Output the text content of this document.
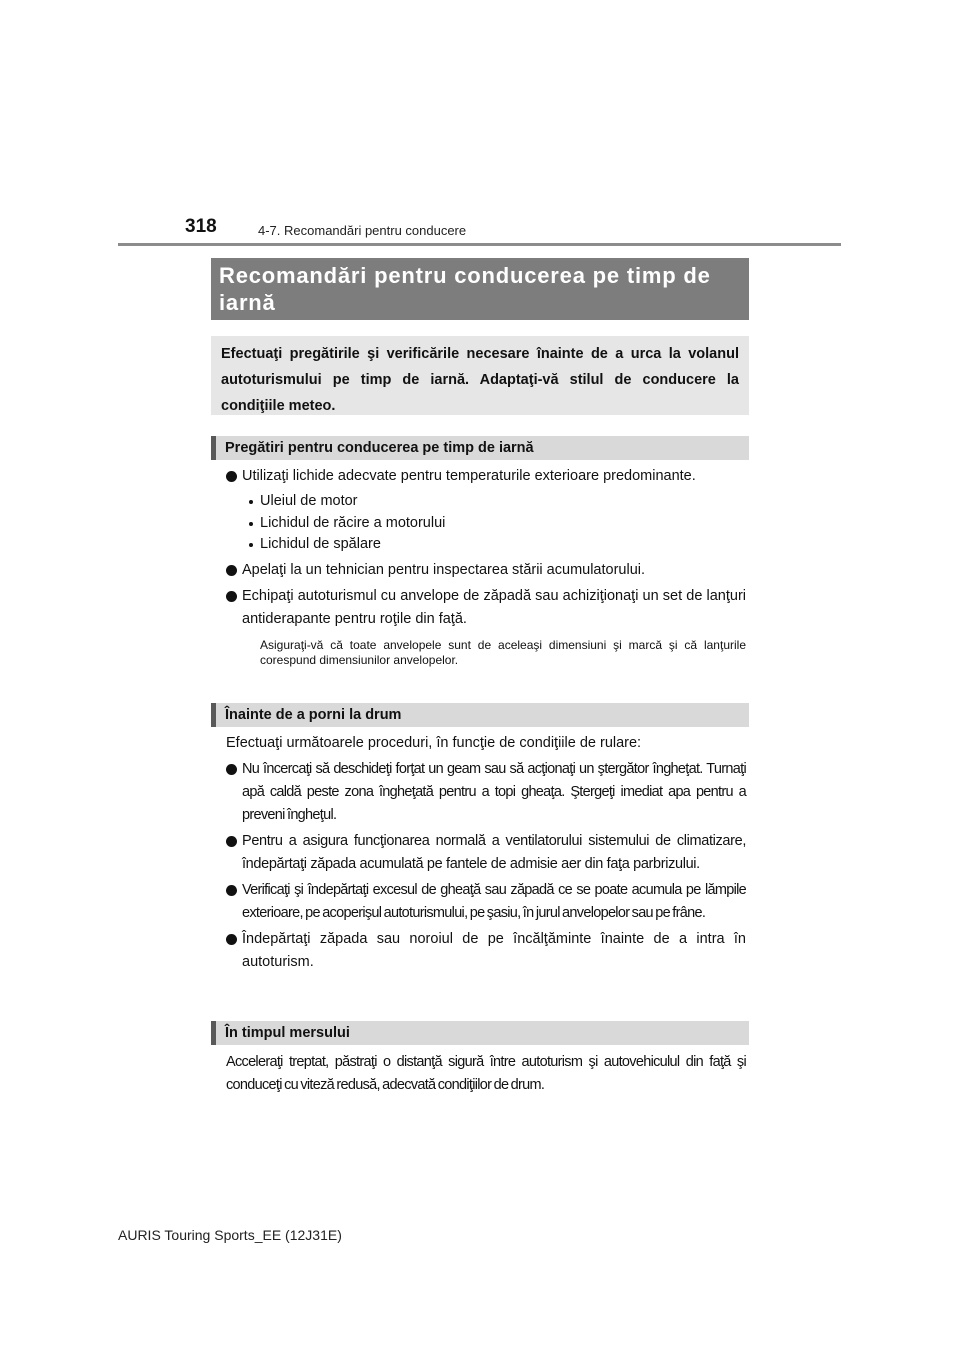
318	4-7. Recomandări pentru conducere
Recomandări pentru conducerea pe timp de iarnă
Efectuaţi pregătirile şi verificările necesare înainte de a urca la volanul autoturismului pe timp de iarnă. Adaptaţi-vă stilul de conducere la condiţiile meteo.
Pregătiri pentru conducerea pe timp de iarnă
Utilizaţi lichide adecvate pentru temperaturile exterioare predominante.
Uleiul de motor
Lichidul de răcire a motorului
Lichidul de spălare
Apelaţi la un tehnician pentru inspectarea stării acumulatorului.
Echipaţi autoturismul cu anvelope de zăpadă sau achiziţionaţi un set de lanţuri antiderapante pentru roţile din faţă.
Asiguraţi-vă că toate anvelopele sunt de aceleaşi dimensiuni şi marcă şi că lanţurile corespund dimensiunilor anvelopelor.
Înainte de a porni la drum
Efectuaţi următoarele proceduri, în funcţie de condiţiile de rulare:
Nu încercaţi să deschideţi forţat un geam sau să acţionaţi un ştergător îngheţat. Turnaţi apă caldă peste zona îngheţată pentru a topi gheaţa. Ştergeţi imediat apa pentru a preveni îngheţul.
Pentru a asigura funcţionarea normală a ventilatorului sistemului de climatizare, îndepărtaţi zăpada acumulată pe fantele de admisie aer din faţa parbrizului.
Verificaţi şi îndepărtaţi excesul de gheaţă sau zăpadă ce se poate acumula pe lămpile exterioare, pe acoperişul autoturismului, pe şasiu, în jurul anvelopelor sau pe frâne.
Îndepărtaţi zăpada sau noroiul de pe încălţăminte înainte de a intra în autoturism.
În timpul mersului
Acceleraţi treptat, păstraţi o distanţă sigură între autoturism şi autovehiculul din faţă şi conduceţi cu viteză redusă, adecvată condiţiilor de drum.
AURIS Touring Sports_EE (12J31E)
